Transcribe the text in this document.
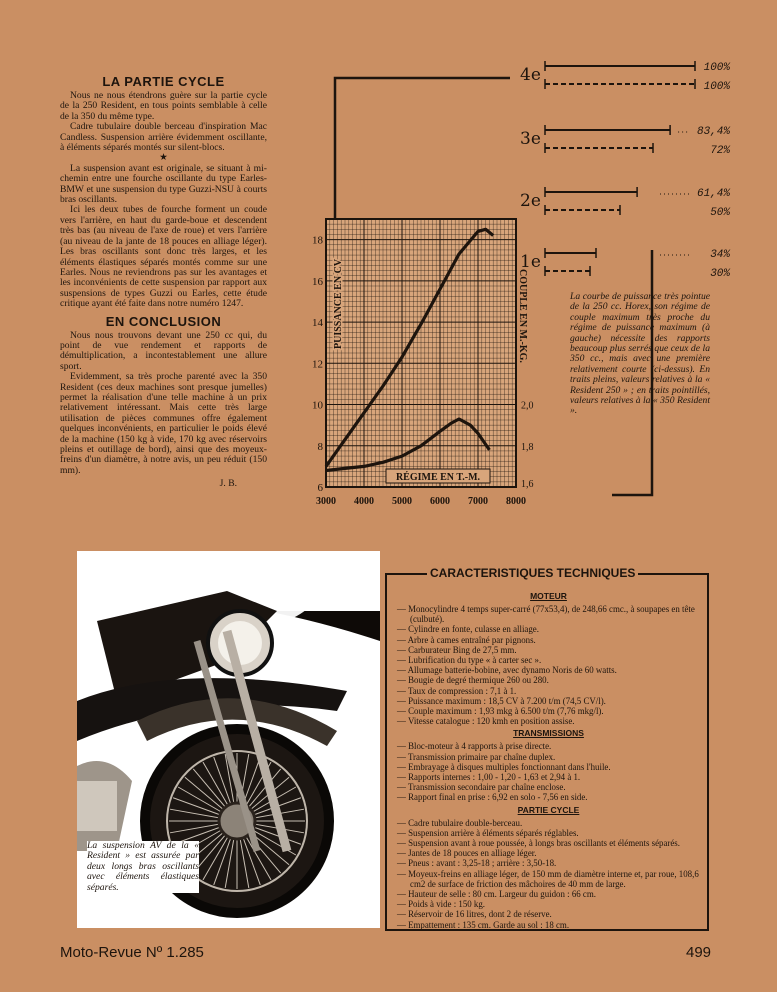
LA PARTIE CYCLE

Nous ne nous étendrons guère sur la partie cycle de la 250 Resident, en tous points semblable à celle de la 350 du même type.

Cadre tubulaire double berceau d'inspiration Mac Candless. Suspension arrière évidemment oscillante, à éléments séparés montés sur silent-blocs.

★

La suspension avant est originale, se situant à mi-chemin entre une fourche oscillante du type Earles-BMW et une suspension du type Guzzi-NSU à courts bras oscillants.

Ici les deux tubes de fourche forment un coude vers l'arrière, en haut du garde-boue et descendent très bas (au niveau de l'axe de roue) et vers l'arrière (au niveau de la jante de 18 pouces en alliage léger). Les bras oscillants sont donc très larges, et les éléments élastiques séparés montés comme sur une Earles. Nous ne reviendrons pas sur les avantages et les inconvénients de cette suspension par rapport aux suspensions de types Guzzi ou Earles, cette étude critique ayant été faite dans notre numéro 1247.

EN CONCLUSION

Nous nous trouvons devant une 250 cc qui, du point de vue rendement et rapports de démultiplication, a incontestablement une allure sport.

Evidemment, sa très proche parenté avec la 350 Resident (ces deux machines sont presque jumelles) permet la réalisation d'une telle machine à un prix relativement intéressant. Mais cette très large utilisation de pièces communes offre également quelques inconvénients, en particulier le poids élevé de la machine (150 kg à vide, 170 kg avec réservoirs pleins et outillage de bord), ainsi que des moyeux-freins d'un diamètre, à notre avis, un peu réduit (150 mm).

J. B.
3000 4000 5000 6000 7000 8000
6
8
10
12
14
16
18
1,6
1,8
2,0
PUISSANCE EN CV	COUPLE EN M.-KG.
RÉGIME EN T.-M.
4e	100%
100%
3e	83,4%
72%
2e	61,4%
50%
1e	34%
30%
La courbe de puissance très pointue de la 250 cc. Horex, son régime de couple maximum très proche du régime de puissance maximum (à gauche) nécessite des rapports beaucoup plus serrés que ceux de la 350 cc., mais avec une première relativement courte (ci-dessus). En traits pleins, valeurs relatives à la « Resident 250 » ; en traits pointillés, valeurs relatives à la « 350 Resident ».
La suspension AV de la « Resident » est assurée par deux longs bras oscillants avec éléments élastiques séparés.
CARACTERISTIQUES TECHNIQUES
MOTEUR
— Monocylindre 4 temps super-carré (77x53,4), de 248,66 cmc., à soupapes en tête (culbuté).
— Cylindre en fonte, culasse en alliage.
— Arbre à cames entraîné par pignons.
— Carburateur Bing de 27,5 mm.
— Lubrification du type « à carter sec ».
— Allumage batterie-bobine, avec dynamo Noris de 60 watts.
— Bougie de degré thermique 260 ou 280.
— Taux de compression : 7,1 à 1.
— Puissance maximum : 18,5 CV à 7.200 t/m (74,5 CV/l).
— Couple maximum : 1,93 mkg à 6.500 t/m (7,76 mkg/l).
— Vitesse catalogue : 120 kmh en position assise.
TRANSMISSIONS
— Bloc-moteur à 4 rapports à prise directe.
— Transmission primaire par chaîne duplex.
— Embrayage à disques multiples fonctionnant dans l'huile.
— Rapports internes : 1,00 - 1,20 - 1,63 et 2,94 à 1.
— Transmission secondaire par chaîne enclose.
— Rapport final en prise : 6,92 en solo - 7,56 en side.
PARTIE CYCLE
— Cadre tubulaire double-berceau.
— Suspension arrière à éléments séparés réglables.
— Suspension avant à roue poussée, à longs bras oscillants et éléments séparés.
— Jantes de 18 pouces en alliage léger.
— Pneus : avant : 3,25-18 ; arrière : 3,50-18.
— Moyeux-freins en alliage léger, de 150 mm de diamètre interne et, par roue, 108,6 cm2 de surface de friction des mâchoires de 40 mm de large.
— Hauteur de selle : 80 cm. Largeur du guidon : 66 cm.
— Poids à vide : 150 kg.
— Réservoir de 16 litres, dont 2 de réserve.
— Empattement : 135 cm. Garde au sol : 18 cm.
Moto-Revue Nº 1.285	499
